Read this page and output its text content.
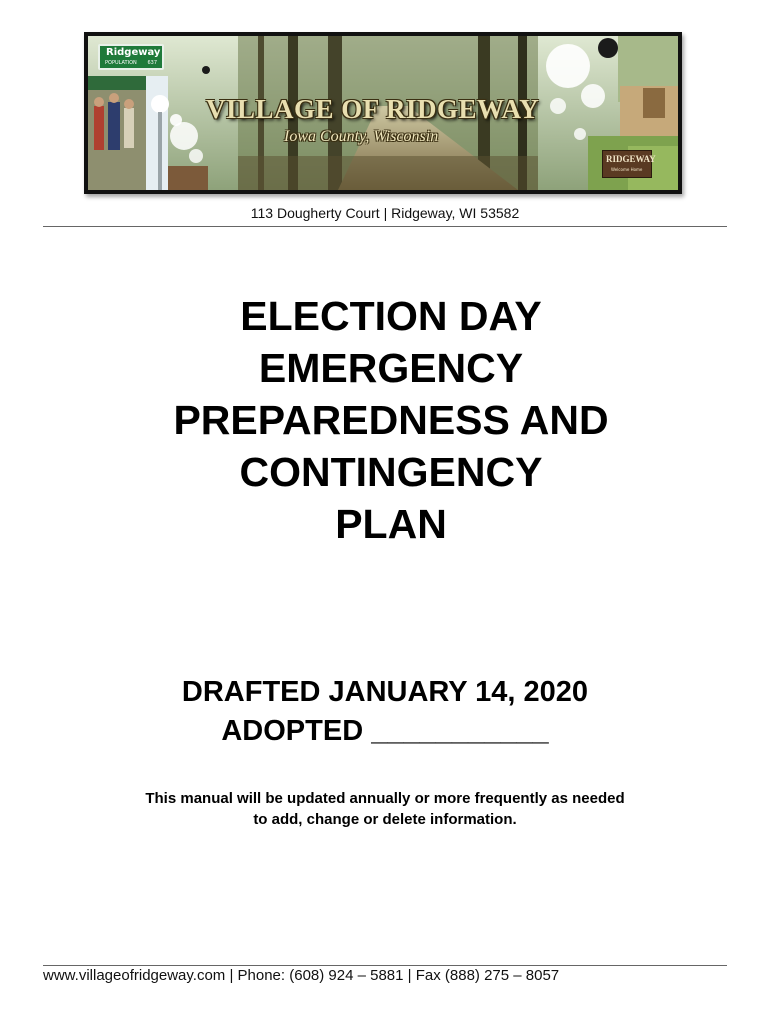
Ridgeway
POPULATION 637
VILLAGE OF RIDGEWAY
Iowa County, Wisconsin
RIDGEWAY
Welcome Home
113 Dougherty Court | Ridgeway, WI 53582
ELECTION DAY
EMERGENCY
PREPAREDNESS AND
CONTINGENCY
PLAN
DRAFTED JANUARY 14, 2020
ADOPTED ___________
This manual will be updated annually or more frequently as needed
to add, change or delete information.
www.villageofridgeway.com | Phone: (608) 924 – 5881 | Fax (888) 275 – 8057
